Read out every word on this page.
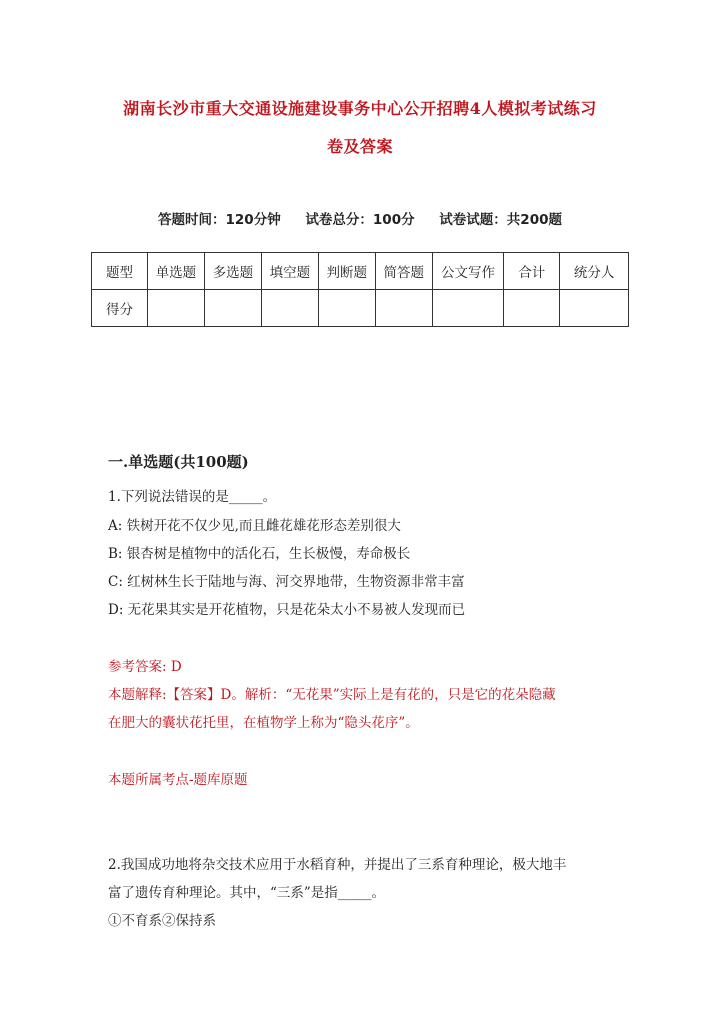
湖南长沙市重大交通设施建设事务中心公开招聘4人模拟考试练习
卷及答案
答题时间：120分钟 试卷总分：100分 试卷试题：共200题
题型	单选题	多选题	填空题	判断题	简答题	公文写作	合计	统分人
得分								
一.单选题(共100题)
1.下列说法错误的是_____。
A: 铁树开花不仅少见,而且雌花雄花形态差别很大
B: 银杏树是植物中的活化石，生长极慢，寿命极长
C: 红树林生长于陆地与海、河交界地带，生物资源非常丰富
D: 无花果其实是开花植物，只是花朵太小不易被人发现而已
参考答案: D
本题解释:【答案】D。解析：“无花果”实际上是有花的，只是它的花朵隐藏
在肥大的囊状花托里，在植物学上称为“隐头花序”。
本题所属考点-题库原题
2.我国成功地将杂交技术应用于水稻育种，并提出了三系育种理论，极大地丰
富了遗传育种理论。其中，“三系”是指_____。
①不育系②保持系
